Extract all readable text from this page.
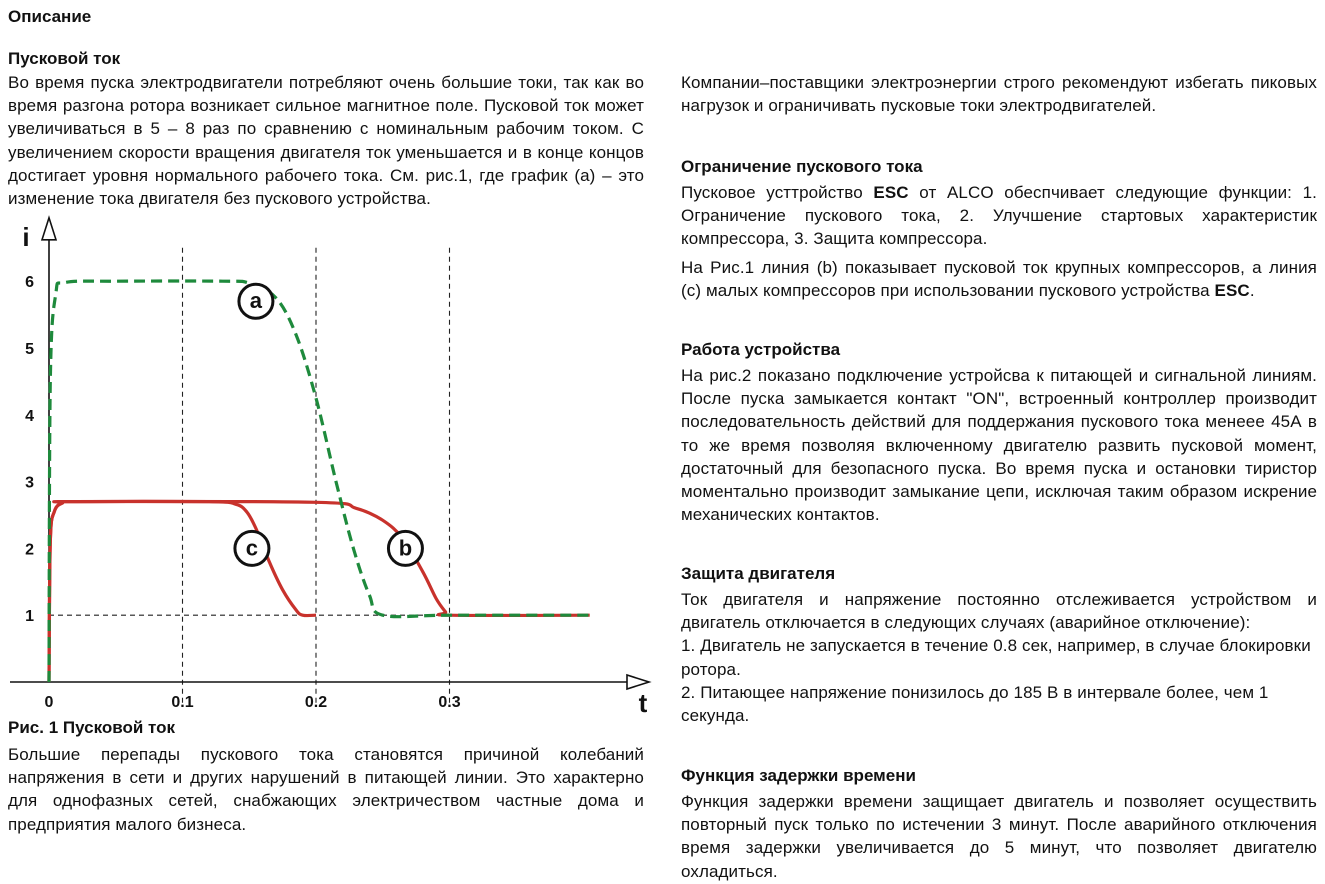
Описание
Пусковой ток
Во время пуска электродвигатели потребляют очень большие токи, так как во время разгона ротора возникает сильное магнитное поле. Пусковой ток может увеличиваться в 5 – 8 раз по сравнению с номинальным рабочим током. С увеличением скорости вращения двигателя ток уменьшается и в конце концов достигает уровня нормального рабочего тока. См. рис.1, где график (a) – это изменение тока двигателя без пускового устройства.
1
2
3
4
5
6
0	0.1	0.2	0.3
i
t
a
b
c
Рис. 1 Пусковой ток
Большие перепады пускового тока становятся причиной колебаний напряжения в сети и других нарушений в питающей линии. Это характерно для однофазных сетей, снабжающих электричеством частные дома и предприятия малого бизнеса.
Компании–поставщики электроэнергии строго рекомендуют избегать пиковых нагрузок и ограничивать пусковые токи электродвигателей.
Ограничение пускового тока
Пусковое усттройство ESC от ALCO обеспчивает следующие функции: 1. Ограничение пускового тока, 2. Улучшение стартовых характеристик компрессора, 3. Защита компрессора.
На Рис.1 линия (b) показывает пусковой ток крупных компрессоров, а линия (c) малых компрессоров при использовании пускового устройства ESC.
Работа устройства
На рис.2 показано подключение устройсва к питающей и сигнальной линиям. После пуска замыкается контакт "ON", встроенный контроллер производит последовательность действий для поддержания пускового тока менеее 45А в то же время позволяя включенному двигателю развить пусковой момент, достаточный для безопасного пуска. Во время пуска и остановки тиристор моментально производит замыкание цепи, исключая таким образом искрение механических контактов.
Защита двигателя
Ток двигателя и напряжение постоянно отслеживается устройством и двигатель отключается в следующих случаях (аварийное отключение):
1. Двигатель не запускается в течение 0.8 сек, например, в случае блокировки ротора.
2. Питающее напряжение понизилось до 185 В в интервале более, чем 1 секунда.
Функция задержки времени
Функция задержки времени защищает двигатель и позволяет осуществить повторный пуск только по истечении 3 минут. После аварийного отключения время задержки увеличивается до 5 минут, что позволяет двигателю охладиться.
